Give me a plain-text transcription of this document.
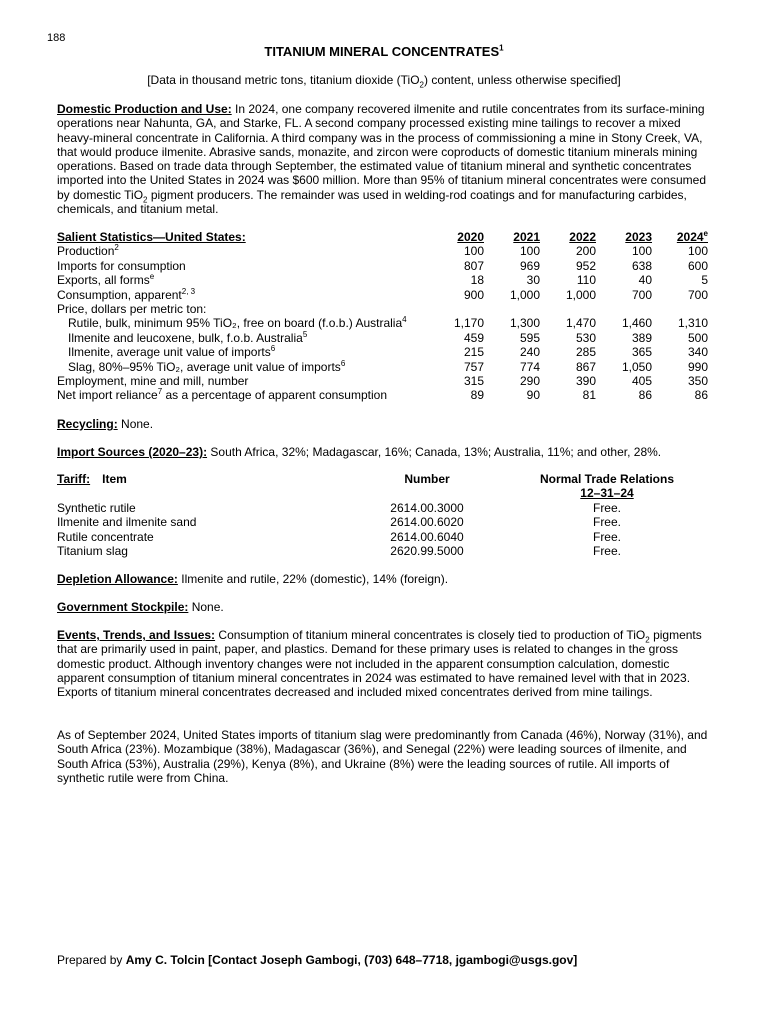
188
TITANIUM MINERAL CONCENTRATES$^1$
[Data in thousand metric tons, titanium dioxide (TiO$_2$) content, unless otherwise specified]
Domestic Production and Use: In 2024, one company recovered ilmenite and rutile concentrates from its surface-mining operations near Nahunta, GA, and Starke, FL. A second company processed existing mine tailings to recover a mixed heavy-mineral concentrate in California. A third company was in the process of commissioning a mine in Stony Creek, VA, that would produce ilmenite. Abrasive sands, monazite, and zircon were coproducts of domestic titanium minerals mining operations. Based on trade data through September, the estimated value of titanium mineral and synthetic concentrates imported into the United States in 2024 was $600 million. More than 95% of titanium mineral concentrates were consumed by domestic TiO$_2$ pigment producers. The remainder was used in welding-rod coatings and for manufacturing carbides, chemicals, and titanium metal.
Salient Statistics—United States:	2020	2021	2022	2023	2024e
Production$^2$	100	100	200	100	100
Imports for consumption	807	969	952	638	600
Exports, all forms$^e$	18	30	110	40	5
Consumption, apparent$^{2, 3}$	900	1,000	1,000	700	700
Price, dollars per metric ton:					
Rutile, bulk, minimum 95% TiO₂, free on board (f.o.b.) Australia$^4$	1,170	1,300	1,470	1,460	1,310
Ilmenite and leucoxene, bulk, f.o.b. Australia$^5$	459	595	530	389	500
Ilmenite, average unit value of imports$^6$	215	240	285	365	340
Slag, 80%–95% TiO₂, average unit value of imports$^6$	757	774	867	1,050	990
Employment, mine and mill, number	315	290	390	405	350
Net import reliance$^7$ as a percentage of apparent consumption	89	90	81	86	86
Recycling: None.
Import Sources (2020–23): South Africa, 32%; Madagascar, 16%; Canada, 13%; Australia, 11%; and other, 28%.
Tariff: Item	Number	Normal Trade Relations
12–31–24
Synthetic rutile	2614.00.3000	Free.
Ilmenite and ilmenite sand	2614.00.6020	Free.
Rutile concentrate	2614.00.6040	Free.
Titanium slag	2620.99.5000	Free.
Depletion Allowance: Ilmenite and rutile, 22% (domestic), 14% (foreign).
Government Stockpile: None.
Events, Trends, and Issues: Consumption of titanium mineral concentrates is closely tied to production of TiO$_2$ pigments that are primarily used in paint, paper, and plastics. Demand for these primary uses is related to changes in the gross domestic product. Although inventory changes were not included in the apparent consumption calculation, domestic apparent consumption of titanium mineral concentrates in 2024 was estimated to have remained level with that in 2023. Exports of titanium mineral concentrates decreased and included mixed concentrates derived from mine tailings.
As of September 2024, United States imports of titanium slag were predominantly from Canada (46%), Norway (31%), and South Africa (23%). Mozambique (38%), Madagascar (36%), and Senegal (22%) were leading sources of ilmenite, and South Africa (53%), Australia (29%), Kenya (8%), and Ukraine (8%) were the leading sources of rutile. All imports of synthetic rutile were from China.
Prepared by Amy C. Tolcin [Contact Joseph Gambogi, (703) 648–7718, jgambogi@usgs.gov]
